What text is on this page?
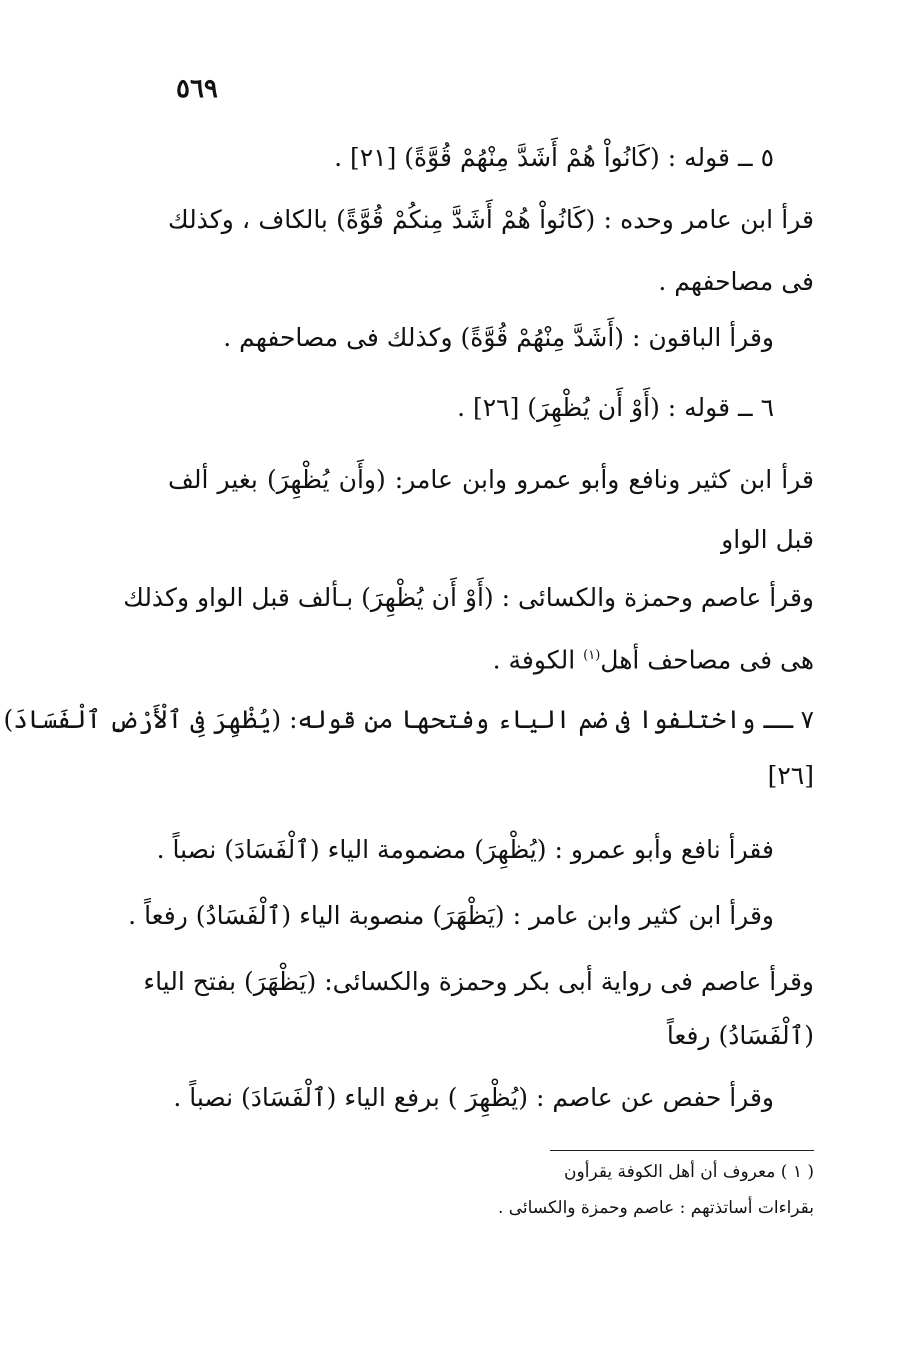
٥٦٩
٥ ــ قوله : (كَانُواْ هُمْ أَشَدَّ مِنْهُمْ قُوَّةً) [٢١] .
قرأ ابن عامر وحده : (كَانُواْ هُمْ أَشَدَّ مِنكُمْ قُوَّةً) بالكاف ، وكذلك
فى مصاحفهم .
وقرأ الباقون : (أَشَدَّ مِنْهُمْ قُوَّةً) وكذلك فى مصاحفهم .
٦ ــ قوله : (أَوْ أَن يُظْهِرَ) [٢٦] .
قرأ ابن كثير ونافع وأبو عمرو وابن عامر: (وأَن يُظْهِرَ) بغير ألف
قبل الواو
وقرأ عاصم وحمزة والكسائى : (أَوْ أَن يُظْهِرَ) بـألف قبل الواو وكذلك
هى فى مصاحف أهل$^{(١)}$ الكوفة .
٧ ــ واختلفوا فى ضم الياء وفتحها من قوله: (يُظْهِرَ فِى ٱلْأَرْضِ ٱلْفَسَادَ)
[٢٦]
فقرأ نافع وأبو عمرو : (يُظْهِرَ) مضمومة الياء (ٱلْفَسَادَ) نصباً .
وقرأ ابن كثير وابن عامر : (يَظْهَرَ) منصوبة الياء (ٱلْفَسَادُ) رفعاً .
وقرأ عاصم فى رواية أبى بكر وحمزة والكسائى: (يَظْهَرَ) بفتح الياء
(ٱلْفَسَادُ) رفعاً
وقرأ حفص عن عاصم : (يُظْهِرَ ) برفع الياء (ٱلْفَسَادَ) نصباً .
( ١ ) معروف أن أهل الكوفة يقرأون
بقراءات أساتذتهم : عاصم وحمزة والكسائى .
